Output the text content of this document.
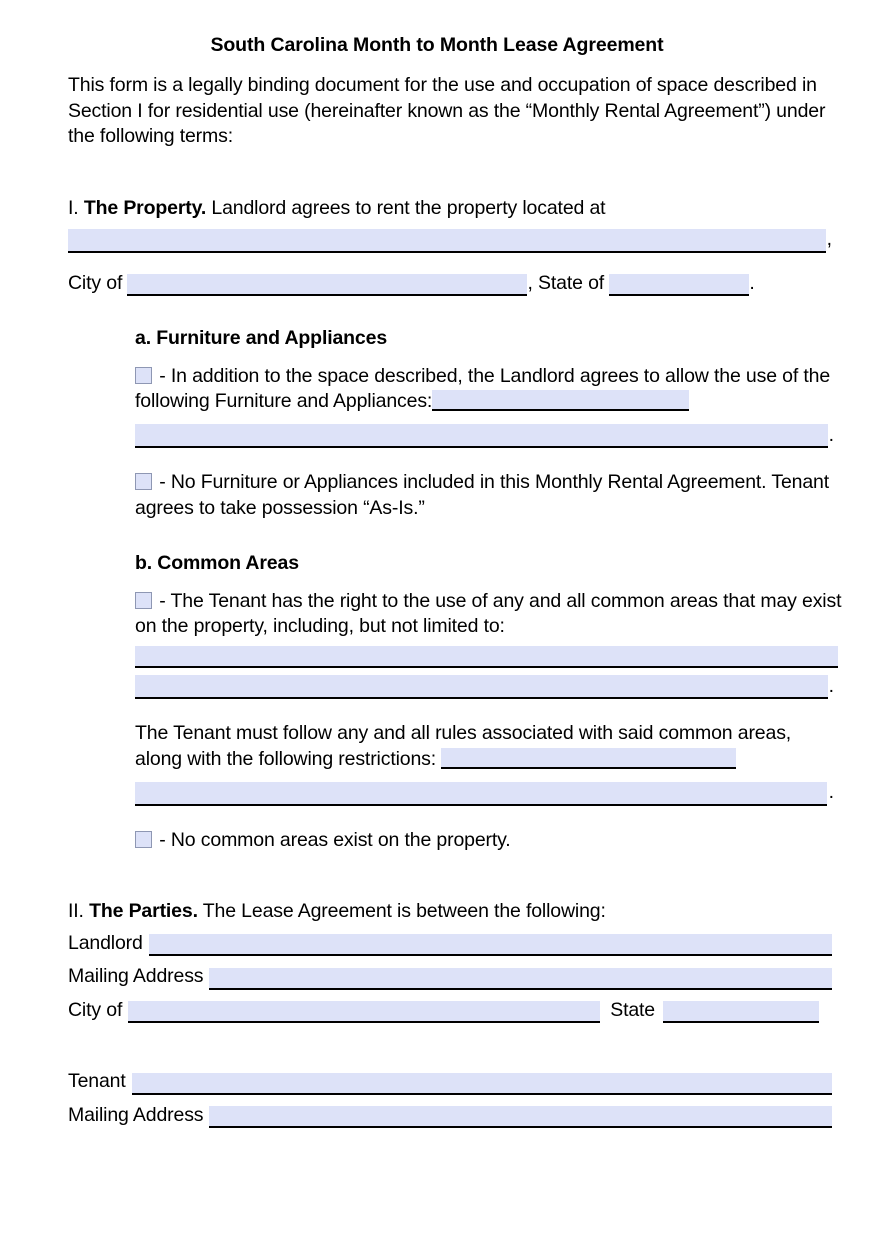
South Carolina Month to Month Lease Agreement

This form is a legally binding document for the use and occupation of space described in Section I for residential use (hereinafter known as the “Monthly Rental Agreement”) under the following terms:

I. The Property. Landlord agrees to rent the property located at
,
City of	, State of	.
a. Furniture and Appliances
- In addition to the space described, the Landlord agrees to allow the use of the following Furniture and Appliances:
.
- No Furniture or Appliances included in this Monthly Rental Agreement. Tenant agrees to take possession “As-Is.”
b. Common Areas
- The Tenant has the right to the use of any and all common areas that may exist on the property, including, but not limited to:
.
The Tenant must follow any and all rules associated with said common areas, along with the following restrictions:
.
- No common areas exist on the property.
II. The Parties. The Lease Agreement is between the following:
Landlord
Mailing Address
City of	State
Tenant
Mailing Address
